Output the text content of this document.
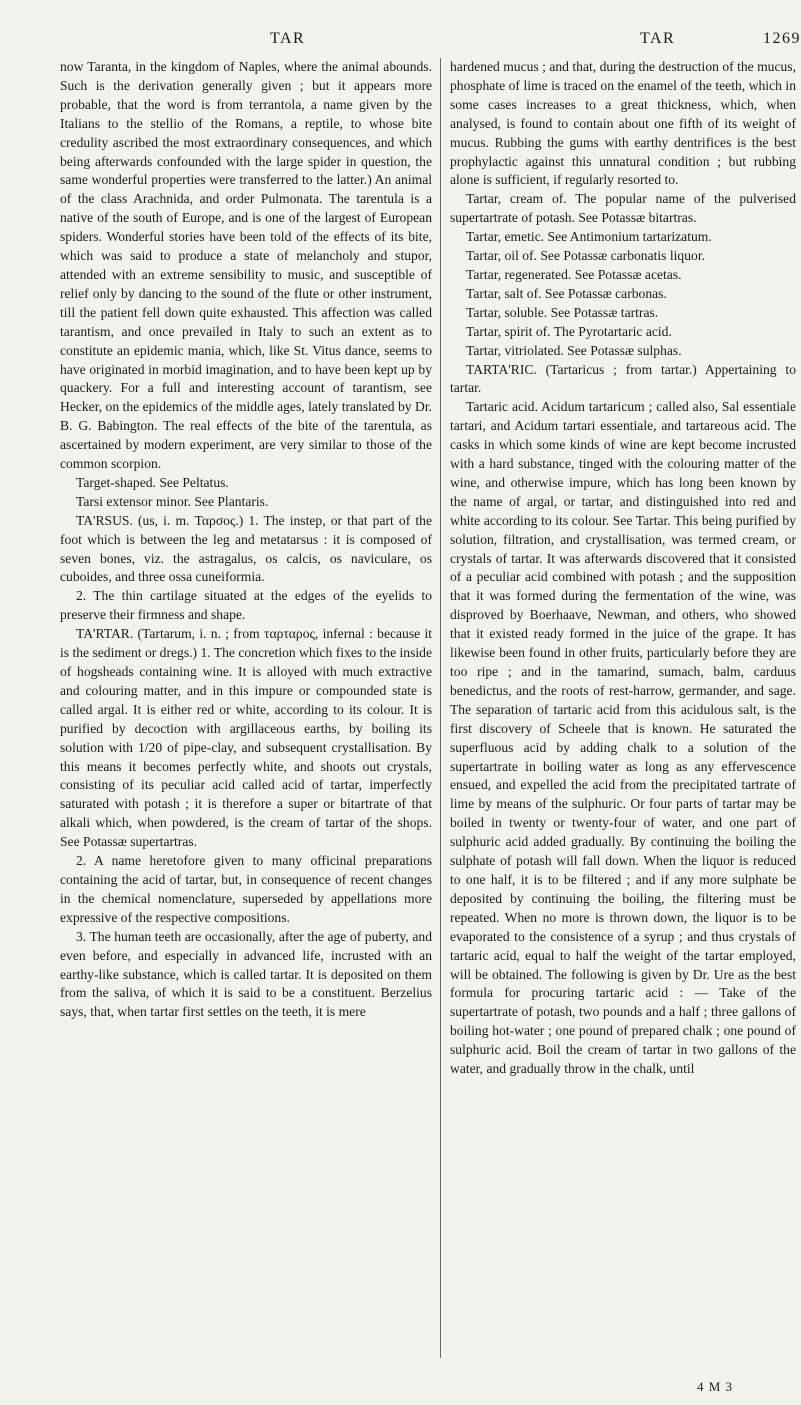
TAR	TAR	1269

now Taranta, in the kingdom of Naples, where the animal abounds. Such is the derivation generally given ; but it appears more probable, that the word is from terrantola, a name given by the Italians to the stellio of the Romans, a reptile, to whose bite credulity ascribed the most extraordinary consequences, and which being afterwards confounded with the large spider in question, the same wonderful properties were transferred to the latter.) An animal of the class Arachnida, and order Pulmonata. The tarentula is a native of the south of Europe, and is one of the largest of European spiders. Wonderful stories have been told of the effects of its bite, which was said to produce a state of melancholy and stupor, attended with an extreme sensibility to music, and susceptible of relief only by dancing to the sound of the flute or other instrument, till the patient fell down quite exhausted. This affection was called tarantism, and once prevailed in Italy to such an extent as to constitute an epidemic mania, which, like St. Vitus dance, seems to have originated in morbid imagination, and to have been kept up by quackery. For a full and interesting account of tarantism, see Hecker, on the epidemics of the middle ages, lately translated by Dr. B. G. Babington. The real effects of the bite of the tarentula, as ascertained by modern experiment, are very similar to those of the common scorpion.

Target-shaped. See Peltatus.

Tarsi extensor minor. See Plantaris.

TA'RSUS. (us, i. m. Ταρσος.) 1. The instep, or that part of the foot which is between the leg and metatarsus : it is composed of seven bones, viz. the astragalus, os calcis, os naviculare, os cuboides, and three ossa cuneiformia.

2. The thin cartilage situated at the edges of the eyelids to preserve their firmness and shape.

TA'RTAR. (Tartarum, i. n. ; from ταρταρος, infernal : because it is the sediment or dregs.) 1. The concretion which fixes to the inside of hogsheads containing wine. It is alloyed with much extractive and colouring matter, and in this impure or compounded state is called argal. It is either red or white, according to its colour. It is purified by decoction with argillaceous earths, by boiling its solution with 1/20 of pipe-clay, and subsequent crystallisation. By this means it becomes perfectly white, and shoots out crystals, consisting of its peculiar acid called acid of tartar, imperfectly saturated with potash ; it is therefore a super or bitartrate of that alkali which, when powdered, is the cream of tartar of the shops. See Potassæ supertartras.

2. A name heretofore given to many officinal preparations containing the acid of tartar, but, in consequence of recent changes in the chemical nomenclature, superseded by appellations more expressive of the respective compositions.

3. The human teeth are occasionally, after the age of puberty, and even before, and especially in advanced life, incrusted with an earthy-like substance, which is called tartar. It is deposited on them from the saliva, of which it is said to be a constituent. Berzelius says, that, when tartar first settles on the teeth, it is mere

hardened mucus ; and that, during the destruction of the mucus, phosphate of lime is traced on the enamel of the teeth, which in some cases increases to a great thickness, which, when analysed, is found to contain about one fifth of its weight of mucus. Rubbing the gums with earthy dentrifices is the best prophylactic against this unnatural condition ; but rubbing alone is sufficient, if regularly resorted to.

Tartar, cream of. The popular name of the pulverised supertartrate of potash. See Potassæ bitartras.

Tartar, emetic. See Antimonium tartarizatum.

Tartar, oil of. See Potassæ carbonatis liquor.

Tartar, regenerated. See Potassæ acetas.

Tartar, salt of. See Potassæ carbonas.

Tartar, soluble. See Potassæ tartras.

Tartar, spirit of. The Pyrotartaric acid.

Tartar, vitriolated. See Potassæ sulphas.

TARTA'RIC. (Tartaricus ; from tartar.) Appertaining to tartar.

Tartaric acid. Acidum tartaricum ; called also, Sal essentiale tartari, and Acidum tartari essentiale, and tartareous acid. The casks in which some kinds of wine are kept become incrusted with a hard substance, tinged with the colouring matter of the wine, and otherwise impure, which has long been known by the name of argal, or tartar, and distinguished into red and white according to its colour. See Tartar. This being purified by solution, filtration, and crystallisation, was termed cream, or crystals of tartar. It was afterwards discovered that it consisted of a peculiar acid combined with potash ; and the supposition that it was formed during the fermentation of the wine, was disproved by Boerhaave, Newman, and others, who showed that it existed ready formed in the juice of the grape. It has likewise been found in other fruits, particularly before they are too ripe ; and in the tamarind, sumach, balm, carduus benedictus, and the roots of rest-harrow, germander, and sage. The separation of tartaric acid from this acidulous salt, is the first discovery of Scheele that is known. He saturated the superfluous acid by adding chalk to a solution of the supertartrate in boiling water as long as any effervescence ensued, and expelled the acid from the precipitated tartrate of lime by means of the sulphuric. Or four parts of tartar may be boiled in twenty or twenty-four of water, and one part of sulphuric acid added gradually. By continuing the boiling the sulphate of potash will fall down. When the liquor is reduced to one half, it is to be filtered ; and if any more sulphate be deposited by continuing the boiling, the filtering must be repeated. When no more is thrown down, the liquor is to be evaporated to the consistence of a syrup ; and thus crystals of tartaric acid, equal to half the weight of the tartar employed, will be obtained. The following is given by Dr. Ure as the best formula for procuring tartaric acid : — Take of the supertartrate of potash, two pounds and a half ; three gallons of boiling hot-water ; one pound of prepared chalk ; one pound of sulphuric acid. Boil the cream of tartar in two gallons of the water, and gradually throw in the chalk, until

4 M 3
